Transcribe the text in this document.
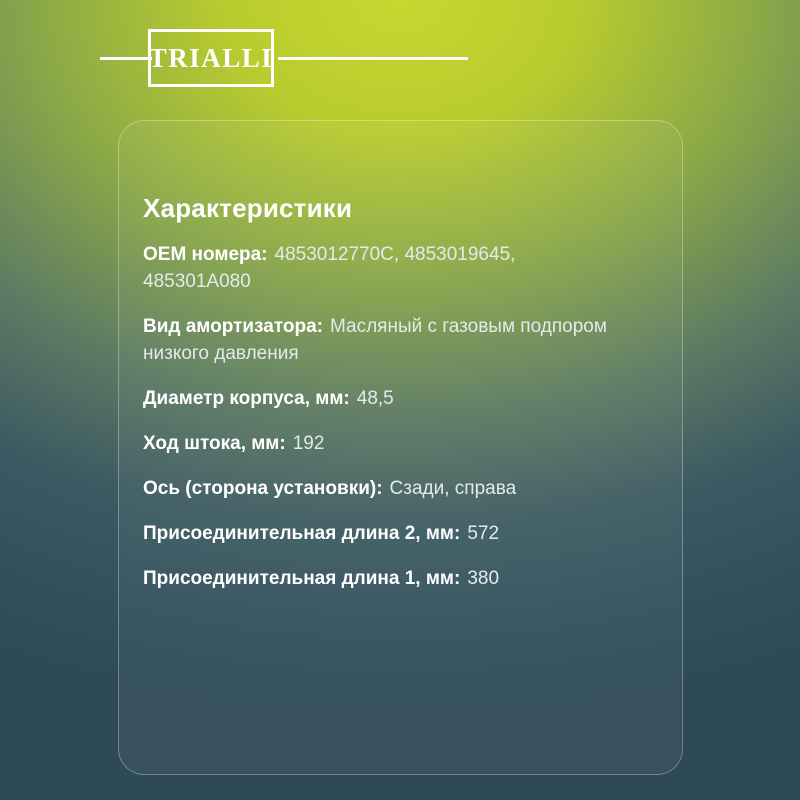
TRIALLI
Характеристики
OEM номера: 4853012770C, 4853019645, 485301A080
Вид амортизатора: Масляный с газовым подпором низкого давления
Диаметр корпуса, мм: 48,5
Ход штока, мм: 192
Ось (сторона установки): Сзади, справа
Присоединительная длина 2, мм: 572
Присоединительная длина 1, мм: 380
